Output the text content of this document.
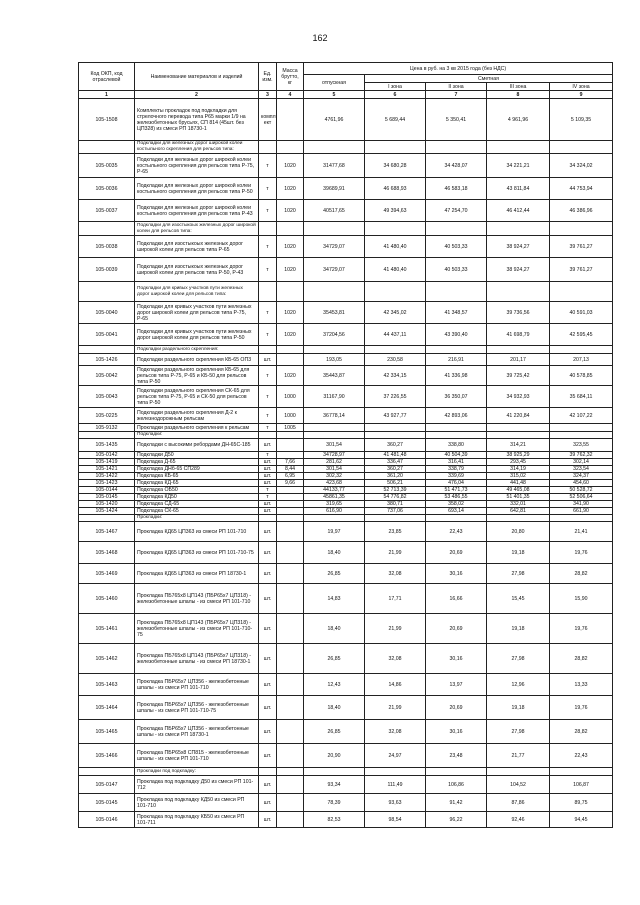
162
Код ОКП, код отраслевой	Наименование материалов и изделий	Ед. изм.	Масса брутто, кг	Цена в руб. на 3 кв 2015 года (без НДС)				
				отпускная	Сметная			
					I зона	II зона	III зона	IV зона
1	2	3	4	5	6	7	8	9
105-1508	Комплекты прокладок под подкладки для стрелочного перевода типа Р65 марки 1/9 на железобетонных брусьях, СП 814 (45шт. без ЦП328) из смеси РП 18730-1	компл ект		4761,96	5 689,44	5 350,41	4 961,96	5 109,35
	Подкладки для железных дорог широкой колеи костыльного скрепления для рельсов типа:							
105-0035	Подкладки для железных дорог широкой колеи костыльного скрепления для рельсов типа Р-75, Р-65	т	1020	31477,68	34 680,28	34 428,07	34 221,21	34 324,02
105-0036	Подкладки для железных дорог широкой колеи костыльного скрепления для рельсов типа Р-50	т	1020	39689,91	46 688,93	46 583,18	43 811,84	44 753,94
105-0037	Подкладки для железных дорог широкой колеи костыльного скрепления для рельсов типа Р-43	т	1020	40517,65	49 394,63	47 254,70	46 412,44	46 386,96
	Подкладки для изостыкоых железных дорог широкой колеи для рельсов типа:							
105-0038	Подкладки для изостыкоых железных дорог широкой колеи для рельсов типа Р-65	т	1020	34729,07	41 480,40	40 503,33	38 924,27	39 761,27
105-0039	Подкладки для изостыкоых железных дорог широкой колеи для рельсов типа Р-50, Р-43	т	1020	34729,07	41 480,40	40 503,33	38 924,27	39 761,27
	Подкладки для кривых участков пути железных дорог широкой колеи для рельсов типа:							
105-0040	Подкладки для кривых участков пути железных дорог широкой колеи для рельсов типа Р-75, Р-65	т	1020	35453,81	42 345,02	41 348,57	39 736,56	40 591,03
105-0041	Подкладки для кривых участков пути железных дорог широкой колеи для рельсов типа Р-50	т	1020	37204,56	44 437,11	43 390,40	41 698,79	42 595,45
	Подкладки раздельного скрепления:							
105-1426	Подкладки раздельного скрепления КБ-65 ОП3	шт.		193,05	230,58	216,91	201,17	207,13
105-0042	Подкладки раздельного скрепления КБ-65 для рельсов типа Р-75, Р-65 и КБ-50 для рельсов типа Р-50	т	1020	35443,87	42 334,15	41 336,98	39 725,42	40 578,85
105-0043	Подкладки раздельного скрепления СК-65 для рельсов типа Р-75, Р-65 и СК-50 для рельсов типа Р-50	т	1000	31167,90	37 226,55	36 350,07	34 932,93	35 684,11
105-0225	Подкладки раздельного скрепления Д-2 к железнодорожным рельсам	т	1000	36778,14	43 927,77	42 893,06	41 220,84	42 107,22
105-9132	Прокладки раздельного скрепления к рельсам	т	1005					
	Подкладки:							
105-1435	Подкладки с высокими ребордами ДН-65С-185	шт.		301,54	360,27	338,80	314,21	323,55
105-0142	Подкладки Д50	т		34728,97	41 481,48	40 504,39	38 925,29	39 762,32
105-1419	Подкладка Д-65	шт.	7,66	281,62	336,47	316,41	293,45	302,14
105-1421	Подкладка ДНб-65 СП289	шт.	8,44	301,54	360,27	338,79	314,19	323,54
105-1422	Подкладка КБ-65	шт.	6,95	302,32	361,20	339,69	315,02	324,37
105-1423	Подкладка КД-65	шт.	9,66	423,68	506,21	476,04	441,48	454,60
105-0144	Подкладка ОБ50	т		44133,77	52 713,39	51 471,73	49 465,08	50 528,72
105-0145	Подкладка КД50	т		45861,35	54 776,82	53 486,55	51 401,35	52 506,64
105-1420	Подкладка СД-65	шт.		319,65	380,71	358,02	332,01	341,90
105-1424	Подкладка СК-65	шт.		616,90	737,06	693,14	642,81	661,90
	Прокладки:							
105-1467	Прокладка КД65 ЦП363 из смеси РП 101-710	шт.		19,97	23,85	22,43	20,80	21,41
105-1468	Прокладка КД65 ЦП363 из смеси РП 101-710-75	шт.		18,40	21,99	20,69	19,18	19,76
105-1469	Прокладка КД65 ЦП363 из смеси РП 18730-1	шт.		26,85	32,08	30,16	27,98	28,82
105-1460	Прокладка ПБ765х8 ЦП143 (ПБР65х7 ЦП318) - железобетонные шпалы - из смеси РП 101-710	шт.		14,83	17,71	16,66	15,45	15,90
105-1461	Прокладка ПБ765х8 ЦП143 (ПБР65х7 ЦП318) - железобетонные шпалы - из смеси РП 101-710-75	шт.		18,40	21,99	20,69	19,18	19,76
105-1462	Прокладка ПБ765х8 ЦП143 (ПБР65х7 ЦП318) - железобетонные шпалы - из смеси РП 18730-1	шт.		26,85	32,08	30,16	27,98	28,82
105-1463	Прокладка ПБР65х7 ЦП356 - железобетонные шпалы - из смеси РП 101-710	шт.		12,43	14,86	13,97	12,96	13,33
105-1464	Прокладка ПБР65х7 ЦП356 - железобетонные шпалы - из смеси РП 101-710-75	шт.		18,40	21,99	20,69	19,18	19,76
105-1465	Прокладка ПБР65х7 ЦП356 - железобетонные шпалы - из смеси РП 18730-1	шт.		26,85	32,08	30,16	27,98	28,82
105-1466	Прокладка ПБР65х8 СП815 - железобетонные шпалы - из смеси РП 101-710	шт.		20,90	24,97	23,48	21,77	22,43
	Прокладки под подкладку:							
105-0147	Прокладка под подкладку Д50 из смеси РП 101-712	шт.		93,34	111,49	106,86	104,52	106,87
105-0145	Прокладка под подкладку КД50 из смеси РП 101-710	шт.		78,39	93,63	91,42	87,86	89,75
105-0146	Прокладка под подкладку КБ50 из смеси РП 101-711	шт.		82,53	98,54	96,22	92,46	94,45
